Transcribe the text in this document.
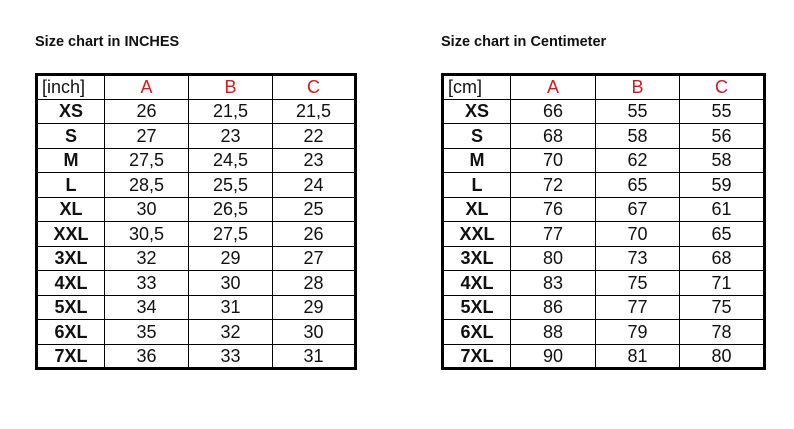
Size chart in INCHES
[inch]	A	B	C
XS	26	21,5	21,5
S	27	23	22
M	27,5	24,5	23
L	28,5	25,5	24
XL	30	26,5	25
XXL	30,5	27,5	26
3XL	32	29	27
4XL	33	30	28
5XL	34	31	29
6XL	35	32	30
7XL	36	33	31
Size chart in Centimeter
[cm]	A	B	C
XS	66	55	55
S	68	58	56
M	70	62	58
L	72	65	59
XL	76	67	61
XXL	77	70	65
3XL	80	73	68
4XL	83	75	71
5XL	86	77	75
6XL	88	79	78
7XL	90	81	80
